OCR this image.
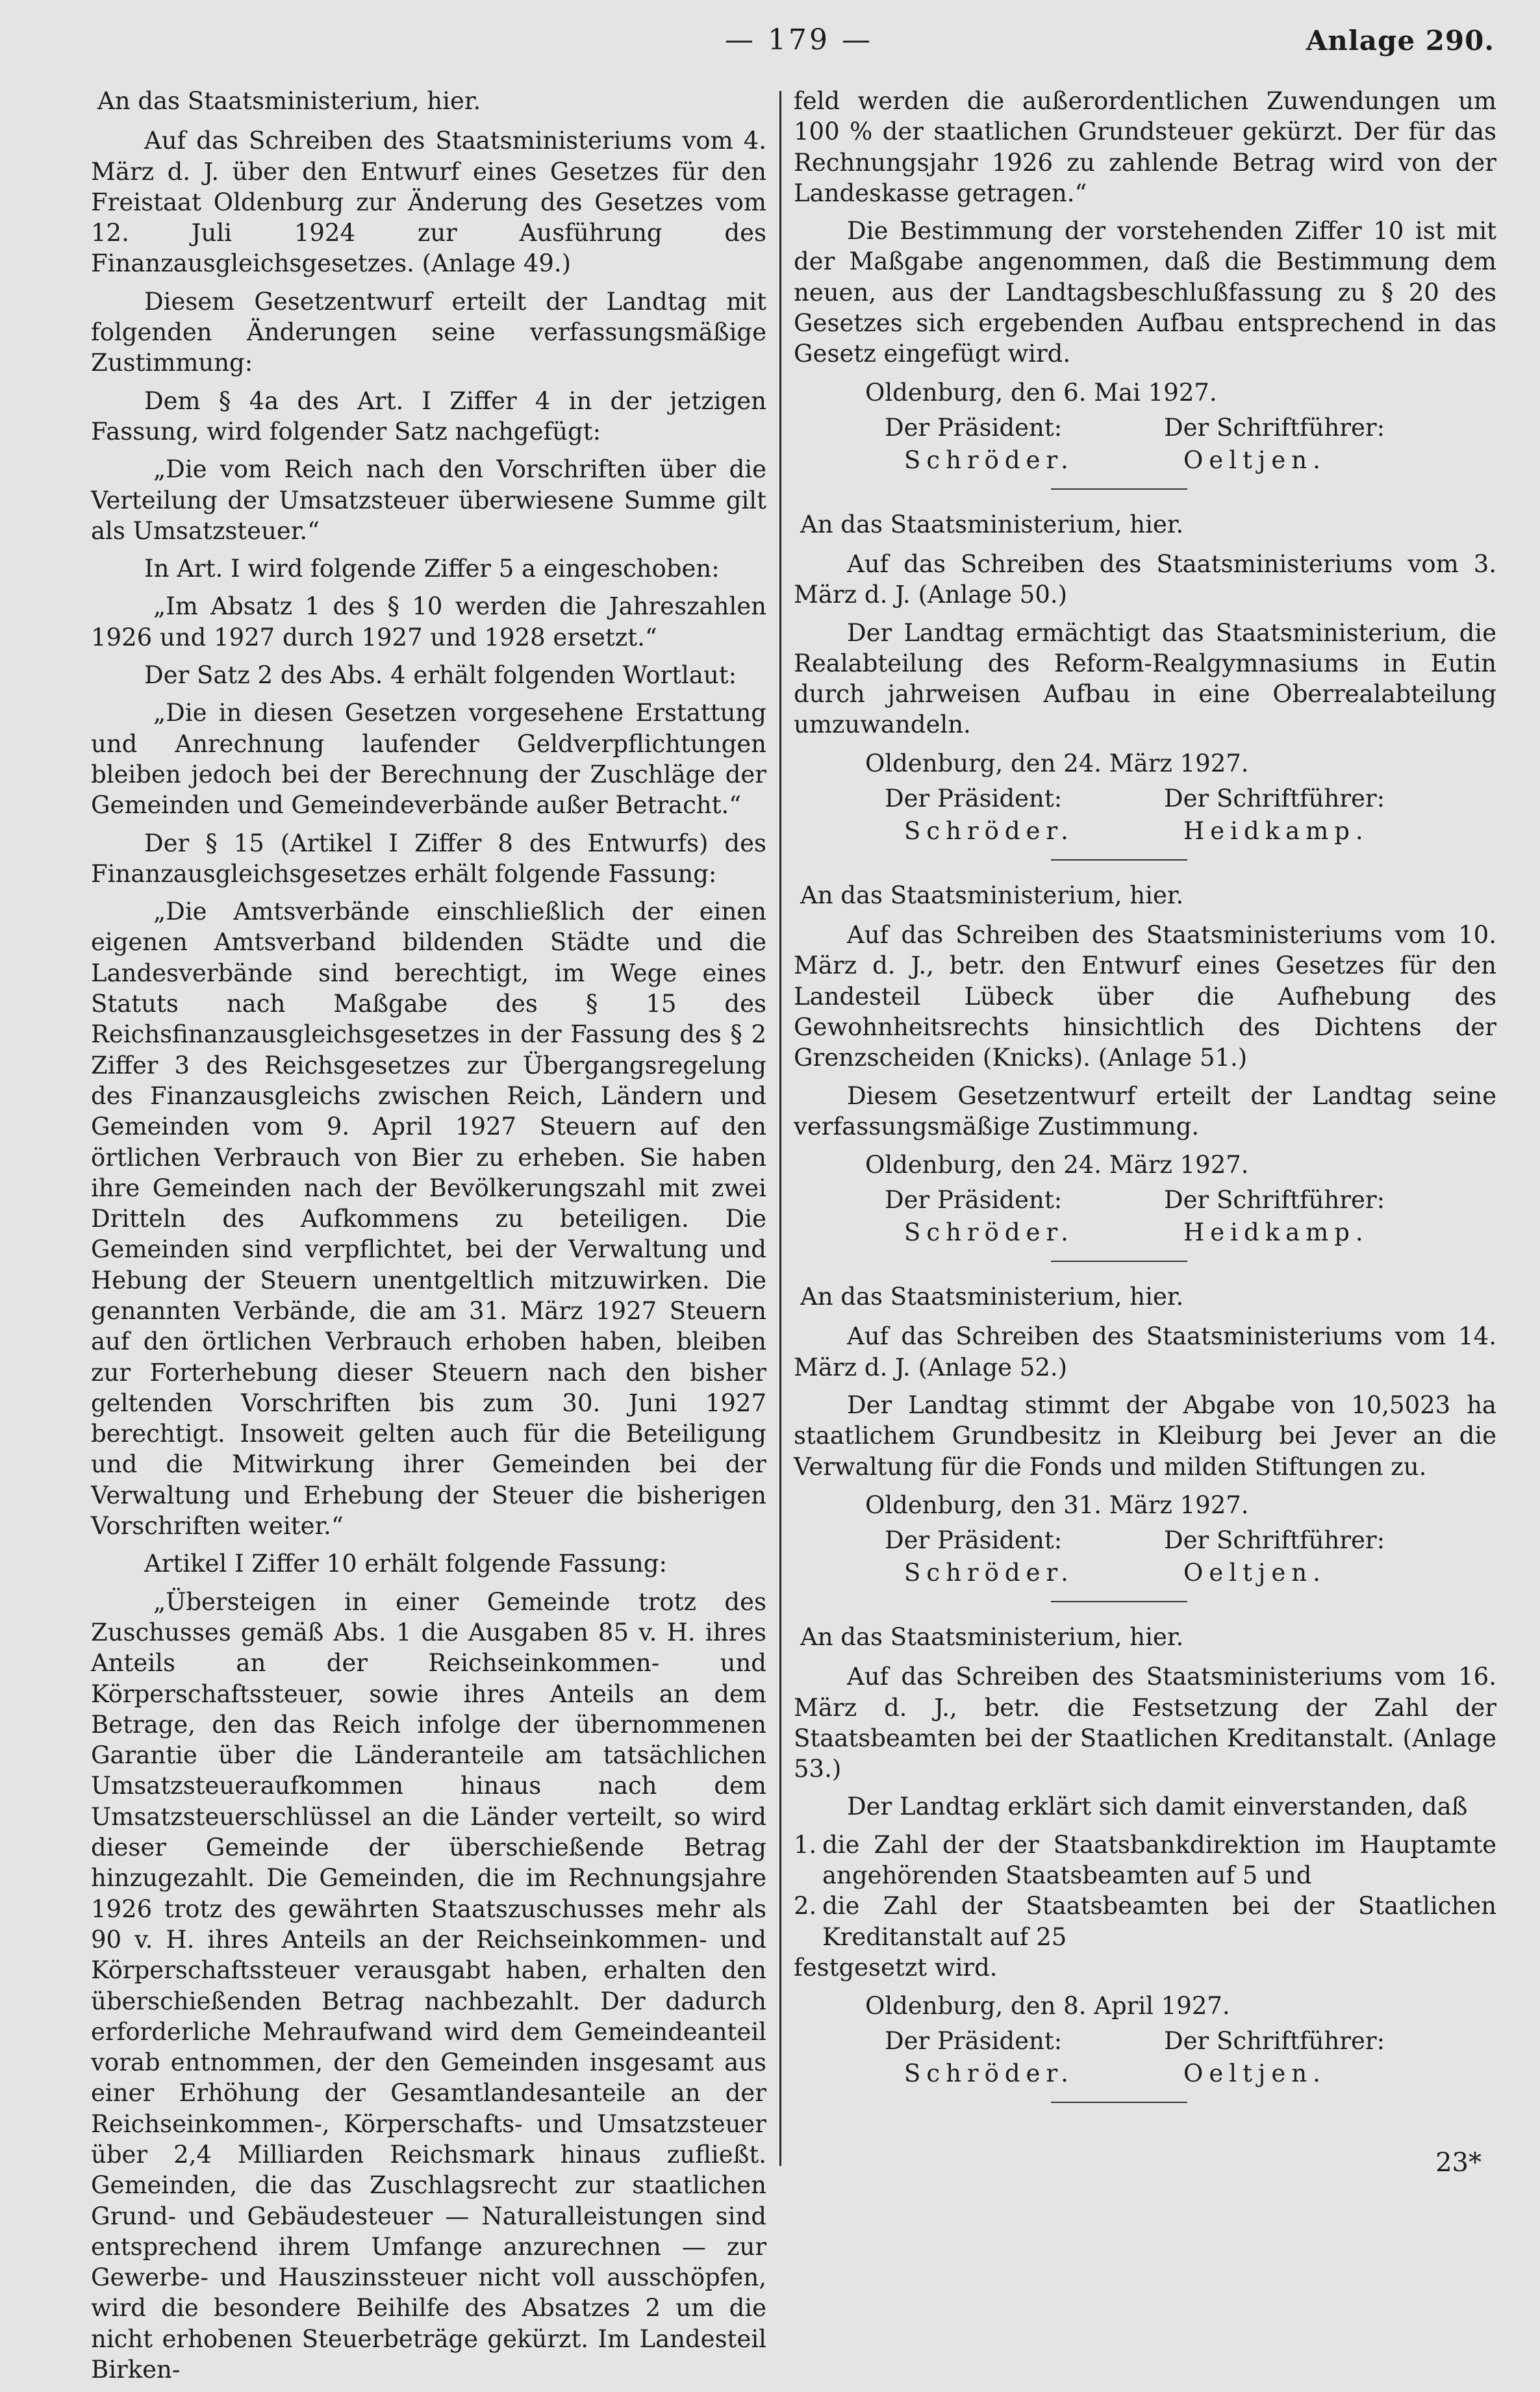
— 179 —	Anlage 290.

An das Staatsministerium, hier.

Auf das Schreiben des Staatsministeriums vom 4. März d. J. über den Entwurf eines Gesetzes für den Freistaat Oldenburg zur Änderung des Gesetzes vom 12. Juli 1924 zur Ausführung des Finanzausgleichsgesetzes. (Anlage 49.)

Diesem Gesetzentwurf erteilt der Landtag mit folgenden Änderungen seine verfassungsmäßige Zustimmung:

Dem § 4a des Art. I Ziffer 4 in der jetzigen Fassung, wird folgender Satz nachgefügt:

„Die vom Reich nach den Vorschriften über die Verteilung der Umsatzsteuer überwiesene Summe gilt als Umsatzsteuer.“

In Art. I wird folgende Ziffer 5 a eingeschoben:

„Im Absatz 1 des § 10 werden die Jahreszahlen 1926 und 1927 durch 1927 und 1928 ersetzt.“

Der Satz 2 des Abs. 4 erhält folgenden Wortlaut:

„Die in diesen Gesetzen vorgesehene Erstattung und Anrechnung laufender Geldverpflichtungen bleiben jedoch bei der Berechnung der Zuschläge der Gemeinden und Gemeindeverbände außer Betracht.“

Der § 15 (Artikel I Ziffer 8 des Entwurfs) des Finanzausgleichsgesetzes erhält folgende Fassung:

„Die Amtsverbände einschließlich der einen eigenen Amtsverband bildenden Städte und die Landesverbände sind berechtigt, im Wege eines Statuts nach Maßgabe des § 15 des Reichsfinanzausgleichsgesetzes in der Fassung des § 2 Ziffer 3 des Reichsgesetzes zur Übergangsregelung des Finanzausgleichs zwischen Reich, Ländern und Gemeinden vom 9. April 1927 Steuern auf den örtlichen Verbrauch von Bier zu erheben. Sie haben ihre Gemeinden nach der Bevölkerungszahl mit zwei Dritteln des Aufkommens zu beteiligen. Die Gemeinden sind verpflichtet, bei der Verwaltung und Hebung der Steuern unentgeltlich mitzuwirken. Die genannten Verbände, die am 31. März 1927 Steuern auf den örtlichen Verbrauch erhoben haben, bleiben zur Forterhebung dieser Steuern nach den bisher geltenden Vorschriften bis zum 30. Juni 1927 berechtigt. Insoweit gelten auch für die Beteiligung und die Mitwirkung ihrer Gemeinden bei der Verwaltung und Erhebung der Steuer die bisherigen Vorschriften weiter.“

Artikel I Ziffer 10 erhält folgende Fassung:

„Übersteigen in einer Gemeinde trotz des Zuschusses gemäß Abs. 1 die Ausgaben 85 v. H. ihres Anteils an der Reichseinkommen- und Körperschaftssteuer, sowie ihres Anteils an dem Betrage, den das Reich infolge der übernommenen Garantie über die Länderanteile am tatsächlichen Umsatzsteueraufkommen hinaus nach dem Umsatzsteuerschlüssel an die Länder verteilt, so wird dieser Gemeinde der überschießende Betrag hinzugezahlt. Die Gemeinden, die im Rechnungsjahre 1926 trotz des gewährten Staatszuschusses mehr als 90 v. H. ihres Anteils an der Reichseinkommen- und Körperschaftssteuer verausgabt haben, erhalten den überschießenden Betrag nachbezahlt. Der dadurch erforderliche Mehraufwand wird dem Gemeindeanteil vorab entnommen, der den Gemeinden insgesamt aus einer Erhöhung der Gesamtlandesanteile an der Reichseinkommen-, Körperschafts- und Umsatzsteuer über 2,4 Milliarden Reichsmark hinaus zufließt. Gemeinden, die das Zuschlagsrecht zur staatlichen Grund- und Gebäudesteuer — Naturalleistungen sind entsprechend ihrem Umfange anzurechnen — zur Gewerbe- und Hauszinssteuer nicht voll ausschöpfen, wird die besondere Beihilfe des Absatzes 2 um die nicht erhobenen Steuerbeträge gekürzt. Im Landesteil Birken-

feld werden die außerordentlichen Zuwendungen um 100 % der staatlichen Grundsteuer gekürzt. Der für das Rechnungsjahr 1926 zu zahlende Betrag wird von der Landeskasse getragen.“

Die Bestimmung der vorstehenden Ziffer 10 ist mit der Maßgabe angenommen, daß die Bestimmung dem neuen, aus der Landtagsbeschlußfassung zu § 20 des Gesetzes sich ergebenden Aufbau entsprechend in das Gesetz eingefügt wird.

Oldenburg, den 6. Mai 1927.
Der Präsident:	Der Schriftführer:
Schröder.	Oeltjen.

An das Staatsministerium, hier.

Auf das Schreiben des Staatsministeriums vom 3. März d. J. (Anlage 50.)

Der Landtag ermächtigt das Staatsministerium, die Realabteilung des Reform-Realgymnasiums in Eutin durch jahrweisen Aufbau in eine Oberrealabteilung umzuwandeln.

Oldenburg, den 24. März 1927.
Der Präsident:	Der Schriftführer:
Schröder.	Heidkamp.

An das Staatsministerium, hier.

Auf das Schreiben des Staatsministeriums vom 10. März d. J., betr. den Entwurf eines Gesetzes für den Landesteil Lübeck über die Aufhebung des Gewohnheitsrechts hinsichtlich des Dichtens der Grenzscheiden (Knicks). (Anlage 51.)

Diesem Gesetzentwurf erteilt der Landtag seine verfassungsmäßige Zustimmung.

Oldenburg, den 24. März 1927.
Der Präsident:	Der Schriftführer:
Schröder.	Heidkamp.

An das Staatsministerium, hier.

Auf das Schreiben des Staatsministeriums vom 14. März d. J. (Anlage 52.)

Der Landtag stimmt der Abgabe von 10,5023 ha staatlichem Grundbesitz in Kleiburg bei Jever an die Verwaltung für die Fonds und milden Stiftungen zu.

Oldenburg, den 31. März 1927.
Der Präsident:	Der Schriftführer:
Schröder.	Oeltjen.

An das Staatsministerium, hier.

Auf das Schreiben des Staatsministeriums vom 16. März d. J., betr. die Festsetzung der Zahl der Staatsbeamten bei der Staatlichen Kreditanstalt. (Anlage 53.)

Der Landtag erklärt sich damit einverstanden, daß

1. die Zahl der der Staatsbankdirektion im Hauptamte angehörenden Staatsbeamten auf 5 und
2. die Zahl der Staatsbeamten bei der Staatlichen Kreditanstalt auf 25

festgesetzt wird.

Oldenburg, den 8. April 1927.
Der Präsident:	Der Schriftführer:
Schröder.	Oeltjen.
23*
